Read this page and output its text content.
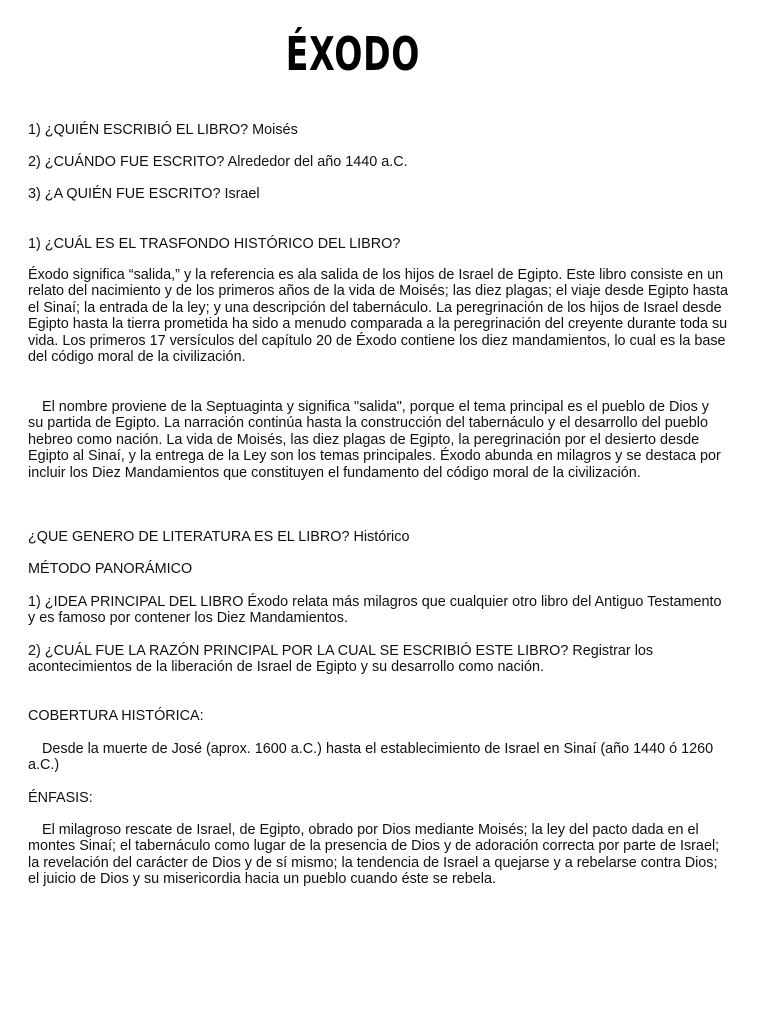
ÉXODO

1) ¿QUIÉN ESCRIBIÓ EL LIBRO? Moisés

2) ¿CUÁNDO FUE ESCRITO? Alrededor del año 1440 a.C.

3) ¿A QUIÉN FUE ESCRITO? Israel

1) ¿CUÁL ES EL TRASFONDO HISTÓRICO DEL LIBRO?

Éxodo significa “salida,” y la referencia es ala salida de los hijos de Israel de Egipto. Este libro consiste en un relato del nacimiento y de los primeros años de la vida de Moisés; las diez plagas; el viaje desde Egipto hasta el Sinaí; la entrada de la ley; y una descripción del tabernáculo. La peregrinación de los hijos de Israel desde Egipto hasta la tierra prometida ha sido a menudo comparada a la peregrinación del creyente durante toda su vida. Los primeros 17 versículos del capítulo 20 de Éxodo contiene los diez mandamientos, lo cual es la base del código moral de la civilización.

El nombre proviene de la Septuaginta y significa "salida", porque el tema principal es el pueblo de Dios y su partida de Egipto. La narración continúa hasta la construcción del tabernáculo y el desarrollo del pueblo hebreo como nación. La vida de Moisés, las diez plagas de Egipto, la peregrinación por el desierto desde Egipto al Sinaí, y la entrega de la Ley son los temas principales. Éxodo abunda en milagros y se destaca por incluir los Diez Mandamientos que constituyen el fundamento del código moral de la civilización.

¿QUE GENERO DE LITERATURA ES EL LIBRO? Histórico

MÉTODO PANORÁMICO

1) ¿IDEA PRINCIPAL DEL LIBRO Éxodo relata más milagros que cualquier otro libro del Antiguo Testamento y es famoso por contener los Diez Mandamientos.

2) ¿CUÁL FUE LA RAZÓN PRINCIPAL POR LA CUAL SE ESCRIBIÓ ESTE LIBRO? Registrar los acontecimientos de la liberación de Israel de Egipto y su desarrollo como nación.

COBERTURA HISTÓRICA:

Desde la muerte de José (aprox. 1600 a.C.) hasta el establecimiento de Israel en Sinaí (año 1440 ó 1260 a.C.)

ÉNFASIS:

El milagroso rescate de Israel, de Egipto, obrado por Dios mediante Moisés; la ley del pacto dada en el montes Sinaí; el tabernáculo como lugar de la presencia de Dios y de adoración correcta por parte de Israel; la revelación del carácter de Dios y de sí mismo; la tendencia de Israel a quejarse y a rebelarse contra Dios; el juicio de Dios y su misericordia hacia un pueblo cuando éste se rebela.
